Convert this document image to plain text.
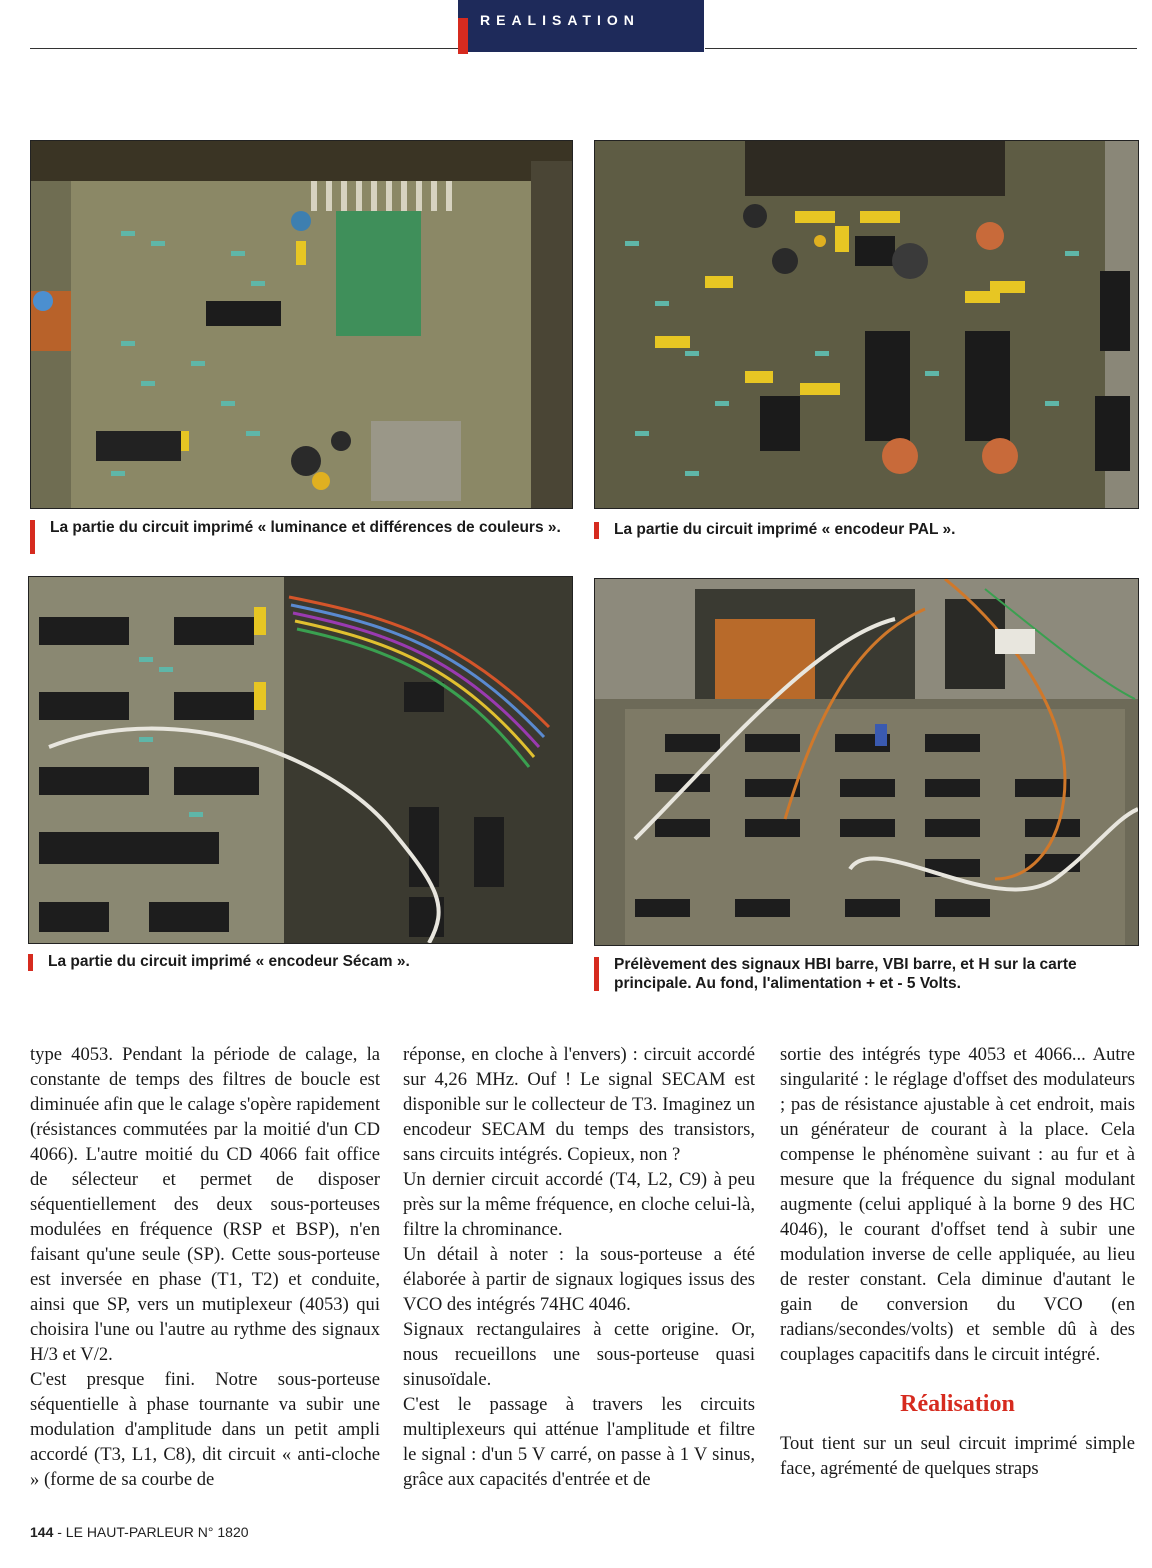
REALISATION
La partie du circuit imprimé « luminance et différences de couleurs ».	La partie du circuit imprimé « encodeur PAL ».
La partie du circuit imprimé « encodeur Sécam ».	Prélèvement des signaux HBI barre, VBI barre, et H sur la carte principale. Au fond, l'alimentation + et - 5 Volts.

type 4053. Pendant la période de calage, la constante de temps des filtres de boucle est diminuée afin que le calage s'opère rapidement (résistances commutées par la moitié d'un CD 4066). L'autre moitié du CD 4066 fait office de sélecteur et permet de disposer séquentiellement des deux sous-porteuses modulées en fréquence (RSP et BSP), n'en faisant qu'une seule (SP). Cette sous-porteuse est inversée en phase (T1, T2) et conduite, ainsi que SP, vers un mutiplexeur (4053) qui choisira l'une ou l'autre au rythme des signaux H/3 et V/2.

C'est presque fini. Notre sous-porteuse séquentielle à phase tournante va subir une modulation d'amplitude dans un petit ampli accordé (T3, L1, C8), dit circuit « anti-cloche » (forme de sa courbe de

réponse, en cloche à l'envers) : circuit accordé sur 4,26 MHz. Ouf ! Le signal SECAM est disponible sur le collecteur de T3. Imaginez un encodeur SECAM du temps des transistors, sans circuits intégrés. Copieux, non ?

Un dernier circuit accordé (T4, L2, C9) à peu près sur la même fréquence, en cloche celui-là, filtre la chrominance.

Un détail à noter : la sous-porteuse a été élaborée à partir de signaux logiques issus des VCO des intégrés 74HC 4046.

Signaux rectangulaires à cette origine. Or, nous recueillons une sous-porteuse quasi sinusoïdale.

C'est le passage à travers les circuits multiplexeurs qui atténue l'amplitude et filtre le signal : d'un 5 V carré, on passe à 1 V sinus, grâce aux capacités d'entrée et de

sortie des intégrés type 4053 et 4066... Autre singularité : le réglage d'offset des modulateurs ; pas de résistance ajustable à cet endroit, mais un générateur de courant à la place. Cela compense le phénomène suivant : au fur et à mesure que la fréquence du signal modulant augmente (celui appliqué à la borne 9 des HC 4046), le courant d'offset tend à subir une modulation inverse de celle appliquée, au lieu de rester constant. Cela diminue d'autant le gain de conversion du VCO (en radians/secondes/volts) et semble dû à des couplages capacitifs dans le circuit intégré.

Réalisation

Tout tient sur un seul circuit imprimé simple face, agrémenté de quelques straps

144 - LE HAUT-PARLEUR N° 1820
